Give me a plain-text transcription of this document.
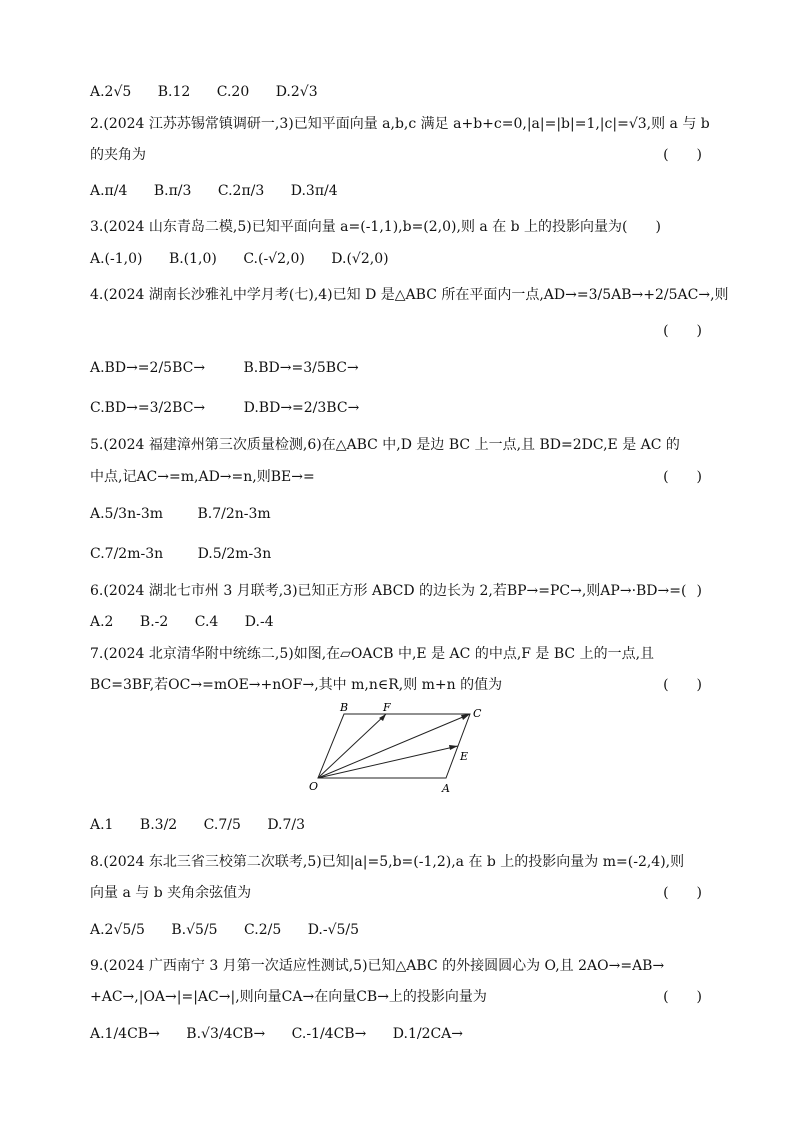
A.2√5 B.12 C.20 D.2√3
2.(2024 江苏苏锡常镇调研一,3)已知平面向量 a,b,c 满足 a+b+c=0,|a|=|b|=1,|c|=√3,则 a 与 b
的夹角为	(　　)
A.π/4 B.π/3 C.2π/3 D.3π/4
3.(2024 山东青岛二模,5)已知平面向量 a=(-1,1),b=(2,0),则 a 在 b 上的投影向量为(　　)
A.(-1,0) B.(1,0) C.(-√2,0) D.(√2,0)
4.(2024 湖南长沙雅礼中学月考(七),4)已知 D 是△ABC 所在平面内一点,AD→=3/5AB→+2/5AC→,则
(　　)
A.BD→=2/5BC→	B.BD→=3/5BC→
C.BD→=3/2BC→	D.BD→=2/3BC→
5.(2024 福建漳州第三次质量检测,6)在△ABC 中,D 是边 BC 上一点,且 BD=2DC,E 是 AC 的
中点,记AC→=m,AD→=n,则BE→=	(　　)
A.5/3n-3m B.7/2n-3m
C.7/2m-3n D.5/2m-3n
6.(2024 湖北七市州 3 月联考,3)已知正方形 ABCD 的边长为 2,若BP→=PC→,则AP→·BD→=( )
A.2 B.-2 C.4 D.-4
7.(2024 北京清华附中统练二,5)如图,在▱OACB 中,E 是 AC 的中点,F 是 BC 上的一点,且
BC=3BF,若OC→=mOE→+nOF→,其中 m,n∈R,则 m+n 的值为	(　　)
O	A
B	C
E
F
A.1 B.3/2 C.7/5 D.7/3
8.(2024 东北三省三校第二次联考,5)已知|a|=5,b=(-1,2),a 在 b 上的投影向量为 m=(-2,4),则
向量 a 与 b 夹角余弦值为	(　　)
A.2√5/5 B.√5/5 C.2/5 D.-√5/5
9.(2024 广西南宁 3 月第一次适应性测试,5)已知△ABC 的外接圆圆心为 O,且 2AO→=AB→
+AC→,|OA→|=|AC→|,则向量CA→在向量CB→上的投影向量为	(　　)
A.1/4CB→ B.√3/4CB→ C.-1/4CB→ D.1/2CA→
